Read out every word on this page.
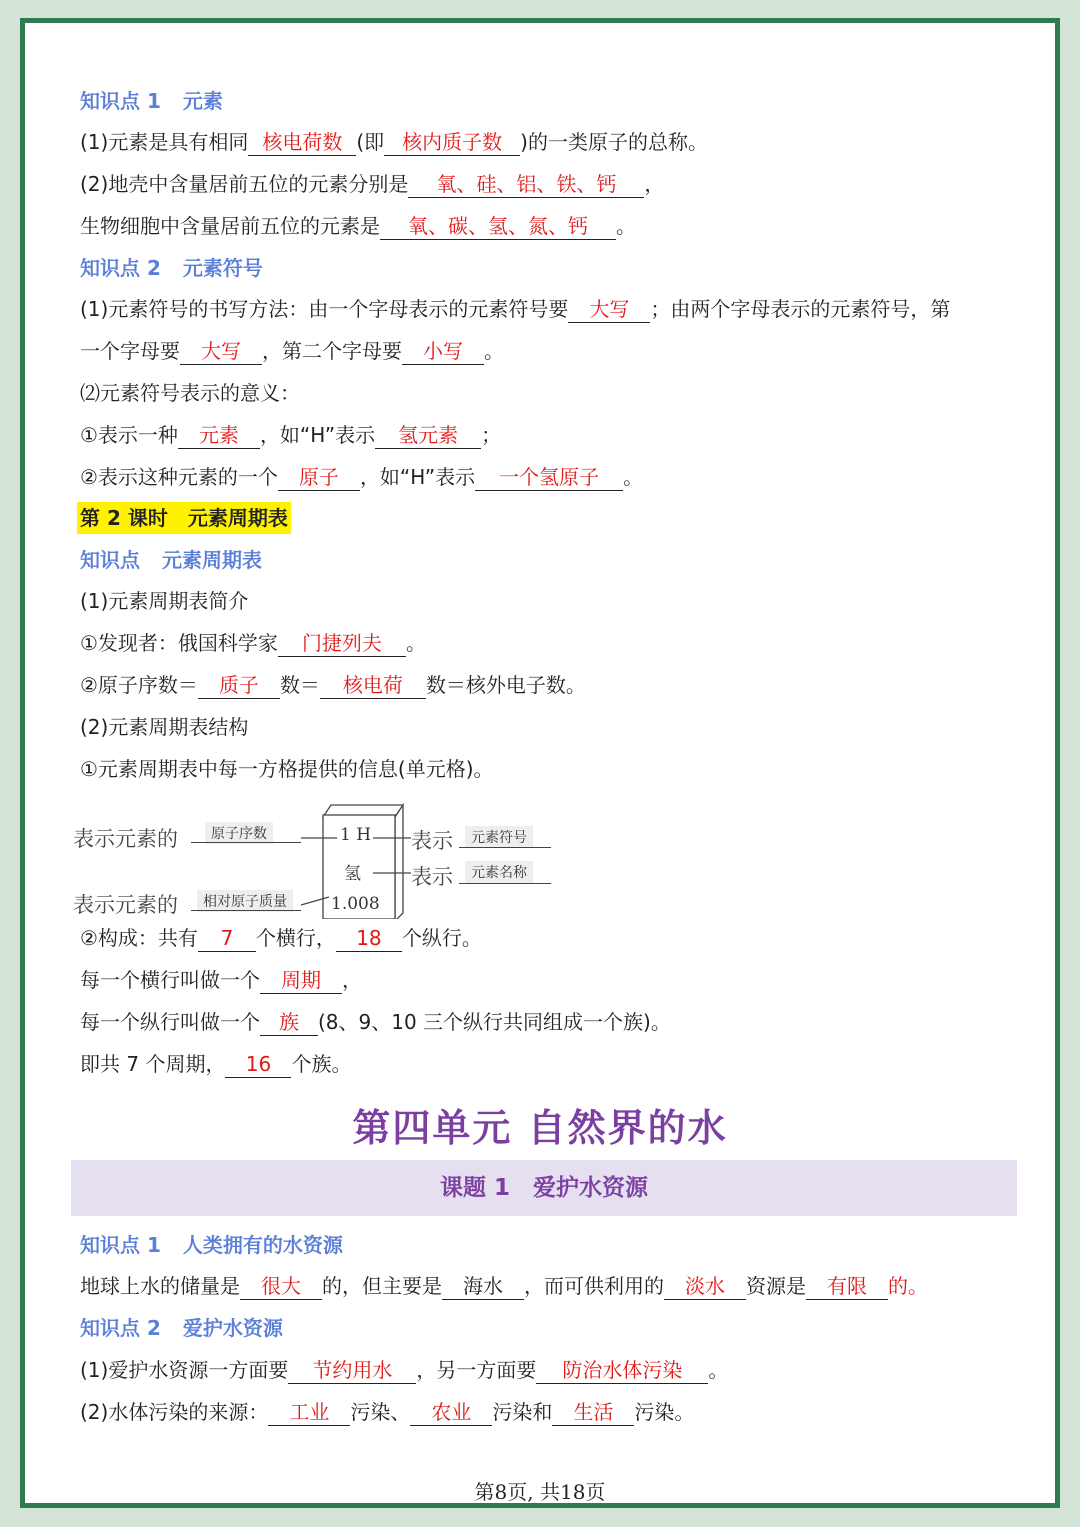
知识点 1 元素
(1)元素是具有相同 核电荷数 (即 核内质子数 )的一类原子的总称。
(2)地壳中含量居前五位的元素分别是 氧、硅、铝、铁、钙 ，
生物细胞中含量居前五位的元素是 氧、碳、氢、氮、钙 。
知识点 2 元素符号
(1)元素符号的书写方法：由一个字母表示的元素符号要 大写 ；由两个字母表示的元素符号，第
一个字母要 大写 ，第二个字母要 小写 。
⑵元素符号表示的意义：
①表示一种 元素 ，如“H”表示 氢元素 ；
②表示这种元素的一个 原子 ，如“H”表示 一个氢原子 。
第 2 课时　元素周期表
知识点 元素周期表
(1)元素周期表简介
①发现者：俄国科学家 门捷列夫 。
②原子序数＝ 质子 数＝ 核电荷 数＝核外电子数。
(2)元素周期表结构
①元素周期表中每一方格提供的信息(单元格)。
表示元素的	原子序数
表示元素的	相对原子质量
1 H
氢
1.008
表示	元素符号
表示	元素名称
②构成：共有 7 个横行， 18 个纵行。
每一个横行叫做一个 周期 ，
每一个纵行叫做一个 族 (8、9、10 三个纵行共同组成一个族)。
即共 7 个周期， 16 个族。
第四单元 自然界的水
课题 1　爱护水资源
知识点 1 人类拥有的水资源
地球上水的储量是 很大 的，但主要是 海水 ，而可供利用的 淡水 资源是 有限 的。
知识点 2 爱护水资源
(1)爱护水资源一方面要 节约用水 ，另一方面要 防治水体污染 。
(2)水体污染的来源： 工业 污染、 农业 污染和 生活 污染。
第8页, 共18页
